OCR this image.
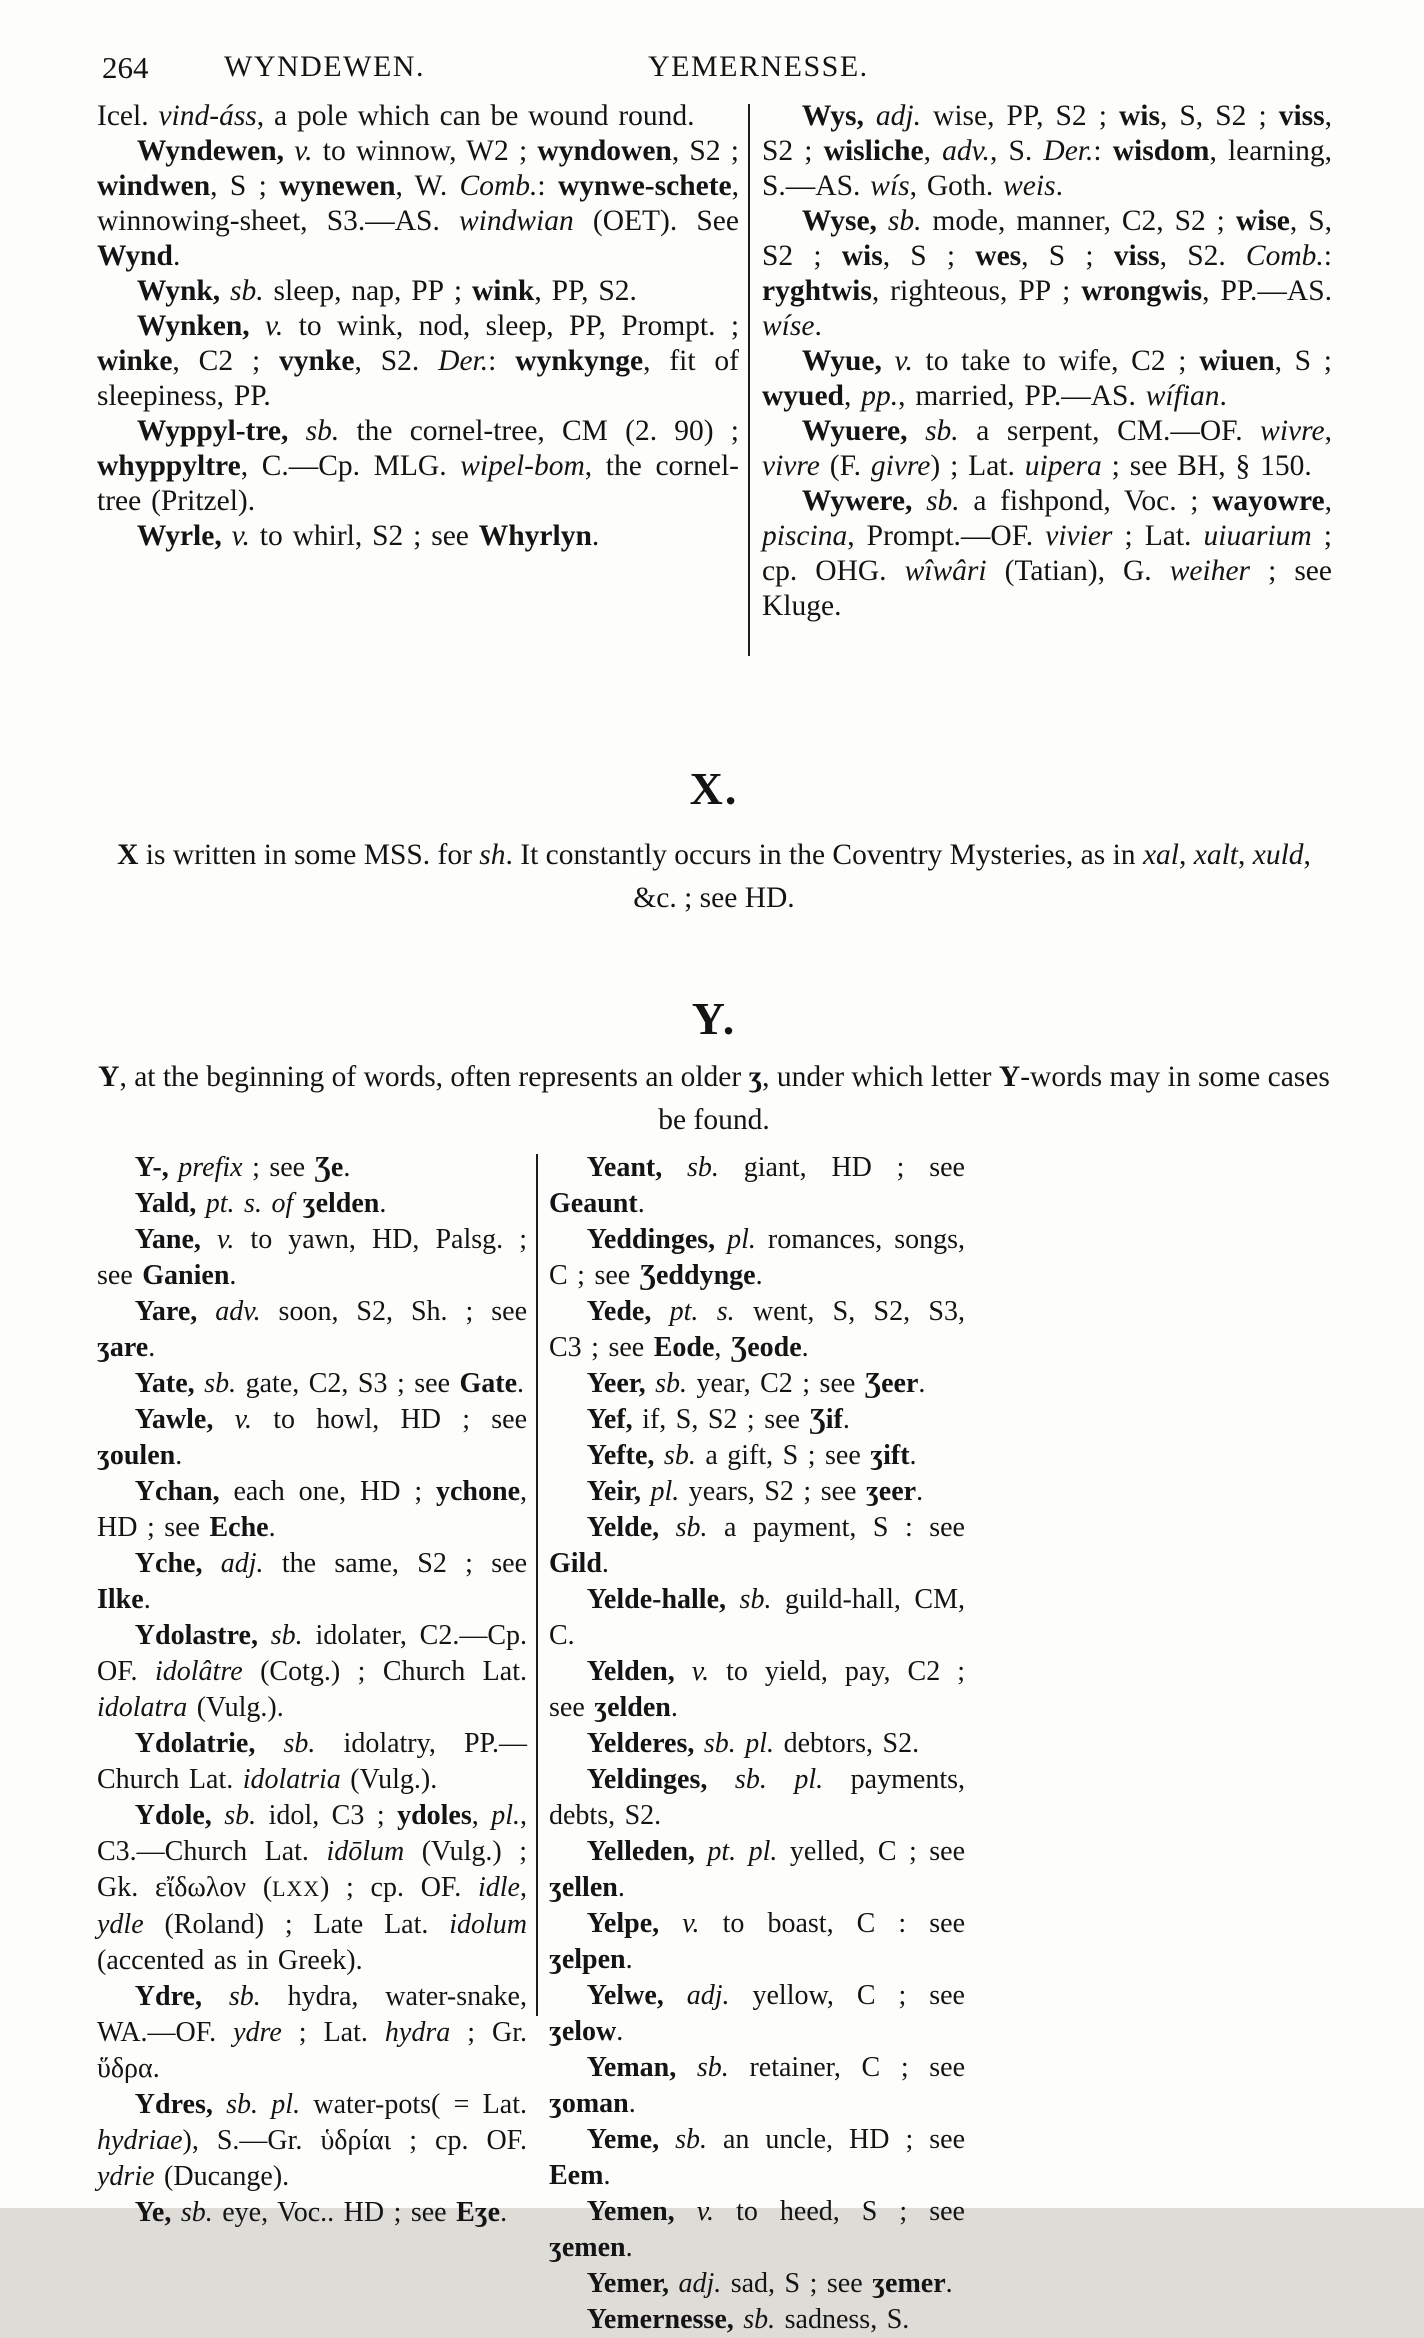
264	WYNDEWEN.	YEMERNESSE.

Icel. vind-áss, a pole which can be wound round.

Wyndewen, v. to winnow, W2 ; wyndowen, S2 ; windwen, S ; wynewen, W. Comb.: wynwe-schete, winnowing-sheet, S3.—AS. windwian (OET). See Wynd.

Wynk, sb. sleep, nap, PP ; wink, PP, S2.

Wynken, v. to wink, nod, sleep, PP, Prompt. ; winke, C2 ; vynke, S2. Der.: wynkynge, fit of sleepiness, PP.

Wyppyl-tre, sb. the cornel-tree, CM (2. 90) ; whyppyltre, C.—Cp. MLG. wipel-bom, the cornel-tree (Pritzel).

Wyrle, v. to whirl, S2 ; see Whyrlyn.

Wys, adj. wise, PP, S2 ; wis, S, S2 ; viss, S2 ; wisliche, adv., S. Der.: wisdom, learning, S.—AS. wís, Goth. weis.

Wyse, sb. mode, manner, C2, S2 ; wise, S, S2 ; wis, S ; wes, S ; viss, S2. Comb.: ryghtwis, righteous, PP ; wrongwis, PP.—AS. wíse.

Wyue, v. to take to wife, C2 ; wiuen, S ; wyued, pp., married, PP.—AS. wífian.

Wyuere, sb. a serpent, CM.—OF. wivre, vivre (F. givre) ; Lat. uipera ; see BH, § 150.

Wywere, sb. a fishpond, Voc. ; wayowre, piscina, Prompt.—OF. vivier ; Lat. uiuarium ; cp. OHG. wîwâri (Tatian), G. weiher ; see Kluge.

X.

X is written in some MSS. for sh. It constantly occurs in the Coventry Mysteries, as in xal, xalt, xuld, &c. ; see HD.

Y.

Y, at the beginning of words, often represents an older ʒ, under which letter Y-words may in some cases be found.

Y-, prefix ; see Ʒe.

Yald, pt. s. of ʒelden.

Yane, v. to yawn, HD, Palsg. ; see Ganien.

Yare, adv. soon, S2, Sh. ; see ʒare.

Yate, sb. gate, C2, S3 ; see Gate.

Yawle, v. to howl, HD ; see ʒoulen.

Ychan, each one, HD ; ychone, HD ; see Eche.

Yche, adj. the same, S2 ; see Ilke.

Ydolastre, sb. idolater, C2.—Cp. OF. idolâtre (Cotg.) ; Church Lat. idolatra (Vulg.).

Ydolatrie, sb. idolatry, PP.—Church Lat. idolatria (Vulg.).

Ydole, sb. idol, C3 ; ydoles, pl., C3.—Church Lat. idōlum (Vulg.) ; Gk. εἴδωλον (LXX) ; cp. OF. idle, ydle (Roland) ; Late Lat. idolum (accented as in Greek).

Ydre, sb. hydra, water-snake, WA.—OF. ydre ; Lat. hydra ; Gr. ὕδρα.

Ydres, sb. pl. water-pots( = Lat. hydriae), S.—Gr. ὑδρίαι ; cp. OF. ydrie (Ducange).

Ye, sb. eye, Voc.. HD ; see Eʒe.

Yeant, sb. giant, HD ; see Geaunt.

Yeddinges, pl. romances, songs, C ; see Ʒeddynge.

Yede, pt. s. went, S, S2, S3, C3 ; see Eode, Ʒeode.

Yeer, sb. year, C2 ; see Ʒeer.

Yef, if, S, S2 ; see Ʒif.

Yefte, sb. a gift, S ; see ʒift.

Yeir, pl. years, S2 ; see ʒeer.

Yelde, sb. a payment, S : see Gild.

Yelde-halle, sb. guild-hall, CM, C.

Yelden, v. to yield, pay, C2 ; see ʒelden.

Yelderes, sb. pl. debtors, S2.

Yeldinges, sb. pl. payments, debts, S2.

Yelleden, pt. pl. yelled, C ; see ʒellen.

Yelpe, v. to boast, C : see ʒelpen.

Yelwe, adj. yellow, C ; see ʒelow.

Yeman, sb. retainer, C ; see ʒoman.

Yeme, sb. an uncle, HD ; see Eem.

Yemen, v. to heed, S ; see ʒemen.

Yemer, adj. sad, S ; see ʒemer.

Yemernesse, sb. sadness, S.
